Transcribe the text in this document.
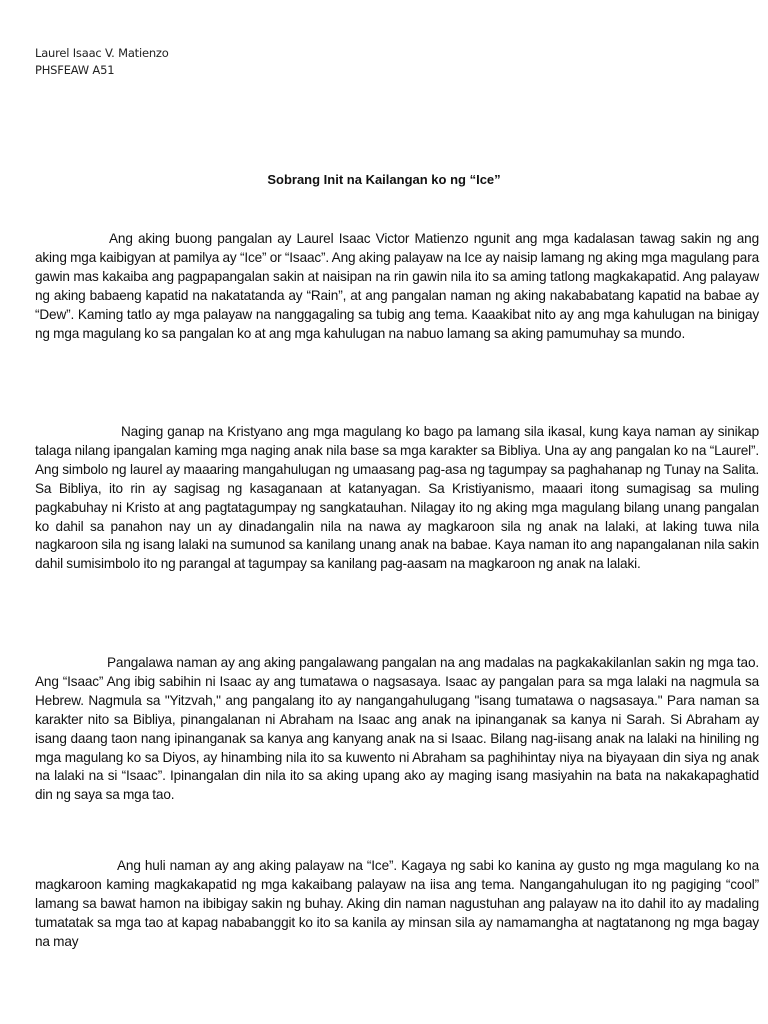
Laurel Isaac V. Matienzo
PHSFEAW A51
Sobrang Init na Kailangan ko ng “Ice”

Ang aking buong pangalan ay Laurel Isaac Victor Matienzo ngunit ang mga kadalasan tawag sakin ng ang aking mga kaibigyan at pamilya ay “Ice” or “Isaac”. Ang aking palayaw na Ice ay naisip lamang ng aking mga magulang para gawin mas kakaiba ang pagpapangalan sakin at naisipan na rin gawin nila ito sa aming tatlong magkakapatid. Ang palayaw ng aking babaeng kapatid na nakatatanda ay “Rain”, at ang pangalan naman ng aking nakababatang kapatid na babae ay “Dew”. Kaming tatlo ay mga palayaw na nanggagaling sa tubig ang tema. Kaaakibat nito ay ang mga kahulugan na binigay ng mga magulang ko sa pangalan ko at ang mga kahulugan na nabuo lamang sa aking pamumuhay sa mundo.

Naging ganap na Kristyano ang mga magulang ko bago pa lamang sila ikasal, kung kaya naman ay sinikap talaga nilang ipangalan kaming mga naging anak nila base sa mga karakter sa Bibliya. Una ay ang pangalan ko na “Laurel”. Ang simbolo ng laurel ay maaaring mangahulugan ng umaasang pag-asa ng tagumpay sa paghahanap ng Tunay na Salita. Sa Bibliya, ito rin ay sagisag ng kasaganaan at katanyagan. Sa Kristiyanismo, maaari itong sumagisag sa muling pagkabuhay ni Kristo at ang pagtatagumpay ng sangkatauhan. Nilagay ito ng aking mga magulang bilang unang pangalan ko dahil sa panahon nay un ay dinadangalin nila na nawa ay magkaroon sila ng anak na lalaki, at laking tuwa nila nagkaroon sila ng isang lalaki na sumunod sa kanilang unang anak na babae. Kaya naman ito ang napangalanan nila sakin dahil sumisimbolo ito ng parangal at tagumpay sa kanilang pag-aasam na magkaroon ng anak na lalaki.

Pangalawa naman ay ang aking pangalawang pangalan na ang madalas na pagkakakilanlan sakin ng mga tao. Ang “Isaac” Ang ibig sabihin ni Isaac ay ang tumatawa o nagsasaya. Isaac ay pangalan para sa mga lalaki na nagmula sa Hebrew. Nagmula sa "Yitzvah," ang pangalang ito ay nangangahulugang "isang tumatawa o nagsasaya." Para naman sa karakter nito sa Bibliya, pinangalanan ni Abraham na Isaac ang anak na ipinanganak sa kanya ni Sarah. Si Abraham ay isang daang taon nang ipinanganak sa kanya ang kanyang anak na si Isaac. Bilang nag-iisang anak na lalaki na hiniling ng mga magulang ko sa Diyos, ay hinambing nila ito sa kuwento ni Abraham sa paghihintay niya na biyayaan din siya ng anak na lalaki na si “Isaac”. Ipinangalan din nila ito sa aking upang ako ay maging isang masiyahin na bata na nakakapaghatid din ng saya sa mga tao.

Ang huli naman ay ang aking palayaw na “Ice”. Kagaya ng sabi ko kanina ay gusto ng mga magulang ko na magkaroon kaming magkakapatid ng mga kakaibang palayaw na iisa ang tema. Nangangahulugan ito ng pagiging “cool” lamang sa bawat hamon na ibibigay sakin ng buhay. Aking din naman nagustuhan ang palayaw na ito dahil ito ay madaling tumatatak sa mga tao at kapag nababanggit ko ito sa kanila ay minsan sila ay namamangha at nagtatanong ng mga bagay na may
